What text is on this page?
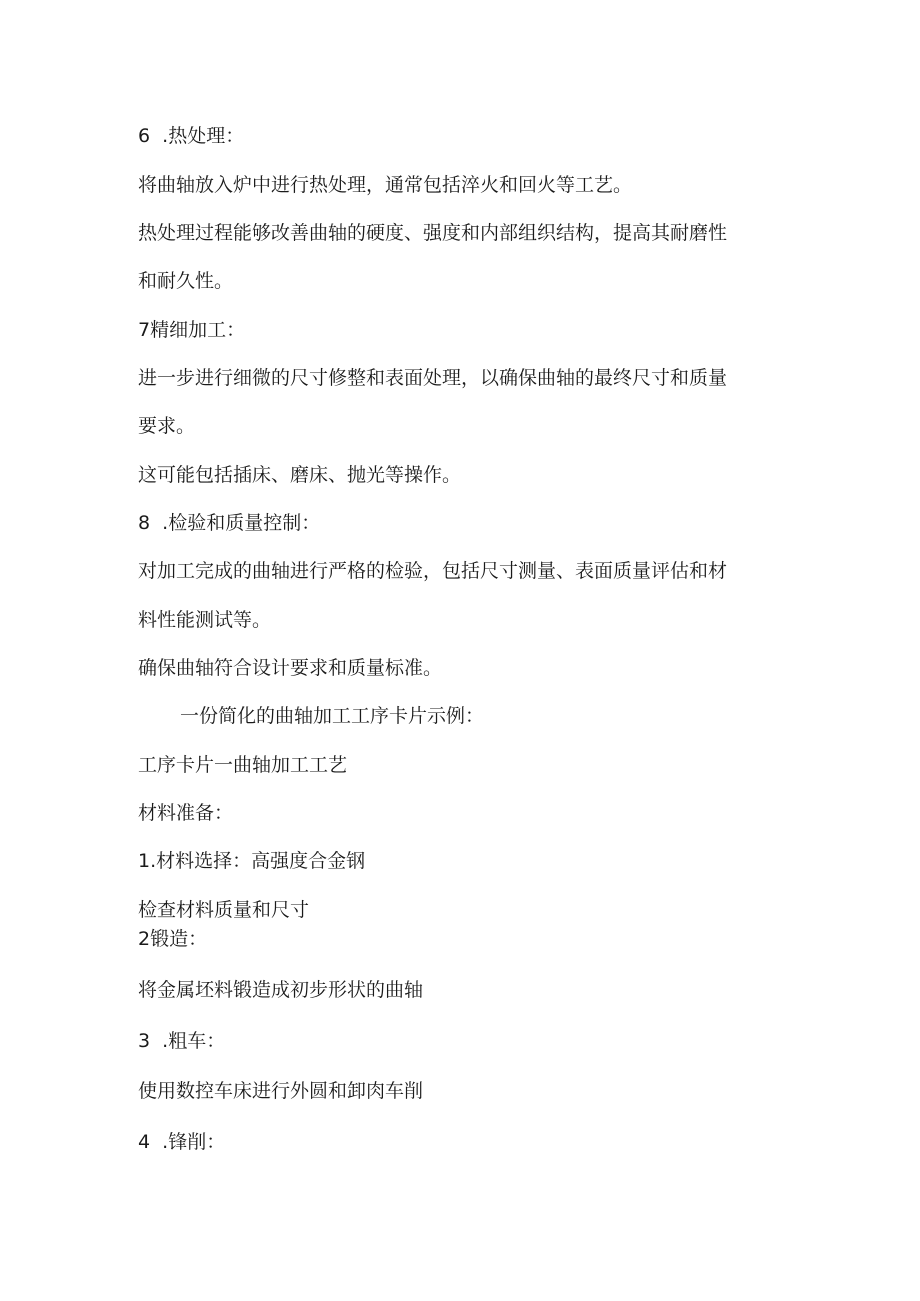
6  .热处理：
将曲轴放入炉中进行热处理，通常包括淬火和回火等工艺。
热处理过程能够改善曲轴的硬度、强度和内部组织结构，提高其耐磨性
和耐久性。
7精细加工：
进一步进行细微的尺寸修整和表面处理，以确保曲轴的最终尺寸和质量
要求。
这可能包括插床、磨床、抛光等操作。
8  .检验和质量控制：
对加工完成的曲轴进行严格的检验，包括尺寸测量、表面质量评估和材
料性能测试等。
确保曲轴符合设计要求和质量标准。
一份简化的曲轴加工工序卡片示例：
工序卡片一曲轴加工工艺
材料准备：
1.材料选择：高强度合金钢
检查材料质量和尺寸
2锻造：
将金属坯料锻造成初步形状的曲轴
3  .粗车：
使用数控车床进行外圆和卸肉车削
4  .锋削：
